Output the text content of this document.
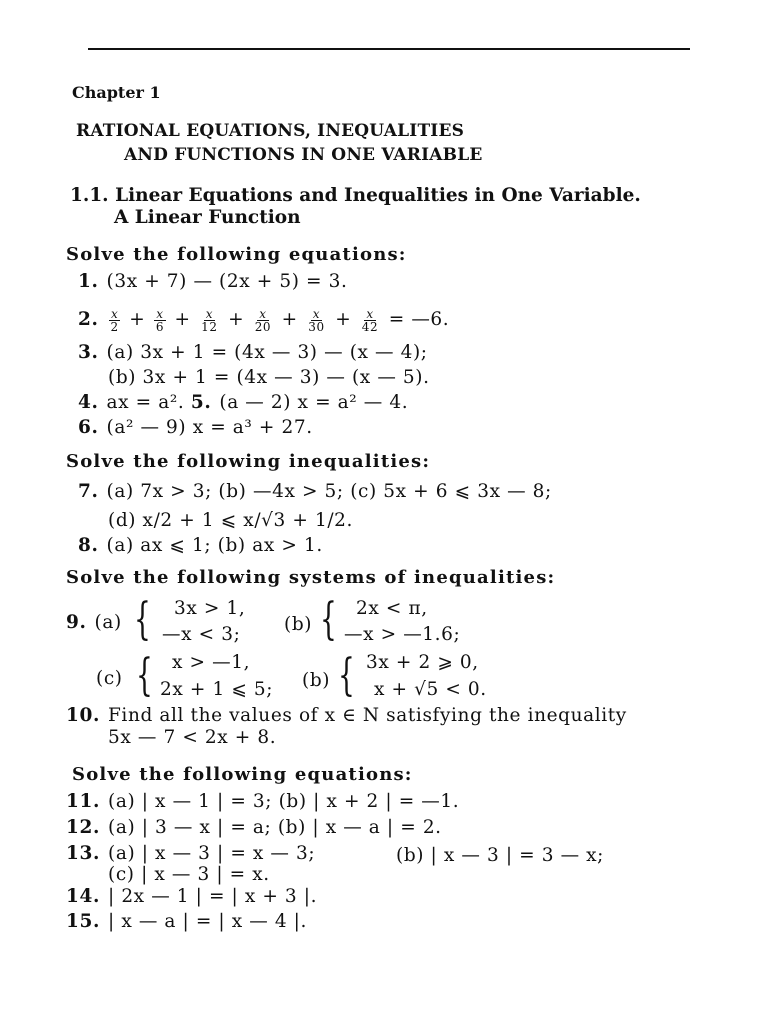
Chapter 1
RATIONAL EQUATIONS, INEQUALITIES
AND FUNCTIONS IN ONE VARIABLE
1.1. Linear Equations and Inequalities in One Variable.
A Linear Function
Solve the following equations:
1. (3x + 7) — (2x + 5) = 3.
2. $\frac{x}{2} + \frac{x}{6} + \frac{x}{12} + \frac{x}{20} + \frac{x}{30} + \frac{x}{42}$ = —6.
3. (a) 3x + 1 = (4x — 3) — (x — 4);
(b) 3x + 1 = (4x — 3) — (x — 5).
4. ax = a². 5. (a — 2) x = a² — 4.
6. (a² — 9) x = a³ + 27.
Solve the following inequalities:
7. (a) 7x > 3; (b) —4x > 5; (c) 5x + 6 ⩽ 3x — 8;
(d) x/2 + 1 ⩽ x/√3 + 1/2.
8. (a) ax ⩽ 1; (b) ax > 1.
Solve the following systems of inequalities:
9. (a) { 3x > 1,
—x < 3; (b) { 2x < π,
—x > —1.6;
(c) { x > —1,
2x + 1 ⩽ 5; (b) { 3x + 2 ⩾ 0,
x + √5 < 0.
10. Find all the values of x ∈ N satisfying the inequality
5x — 7 < 2x + 8.
Solve the following equations:
11. (a) | x — 1 | = 3; (b) | x + 2 | = —1.
12. (a) | 3 — x | = a; (b) | x — a | = 2.
13. (a) | x — 3 | = x — 3;	(b) | x — 3 | = 3 — x;
(c) | x — 3 | = x.
14. | 2x — 1 | = | x + 3 |.
15. | x — a | = | x — 4 |.
